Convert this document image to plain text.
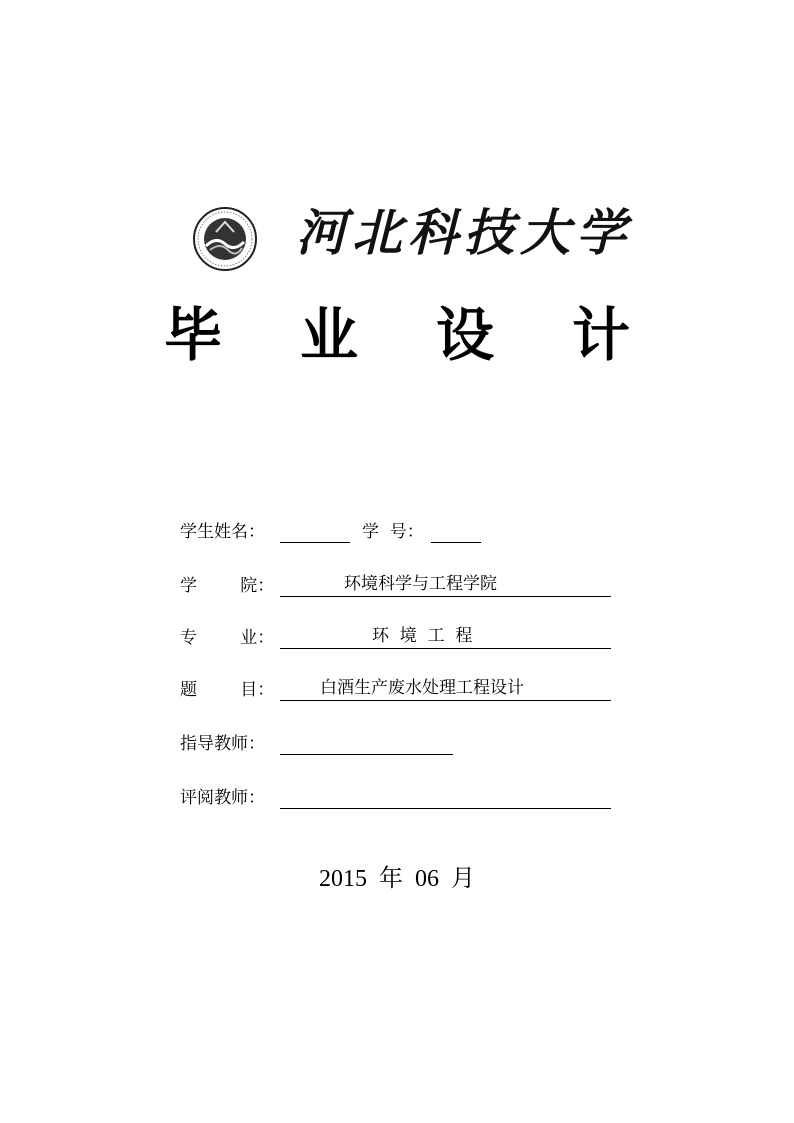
河北科技大学
毕业设计
学生姓名：	学  号：
学        院：	环境科学与工程学院
专        业：	环  境  工  程
题        目：	白酒生产废水处理工程设计
指导教师：
评阅教师：
2015  年  06  月
